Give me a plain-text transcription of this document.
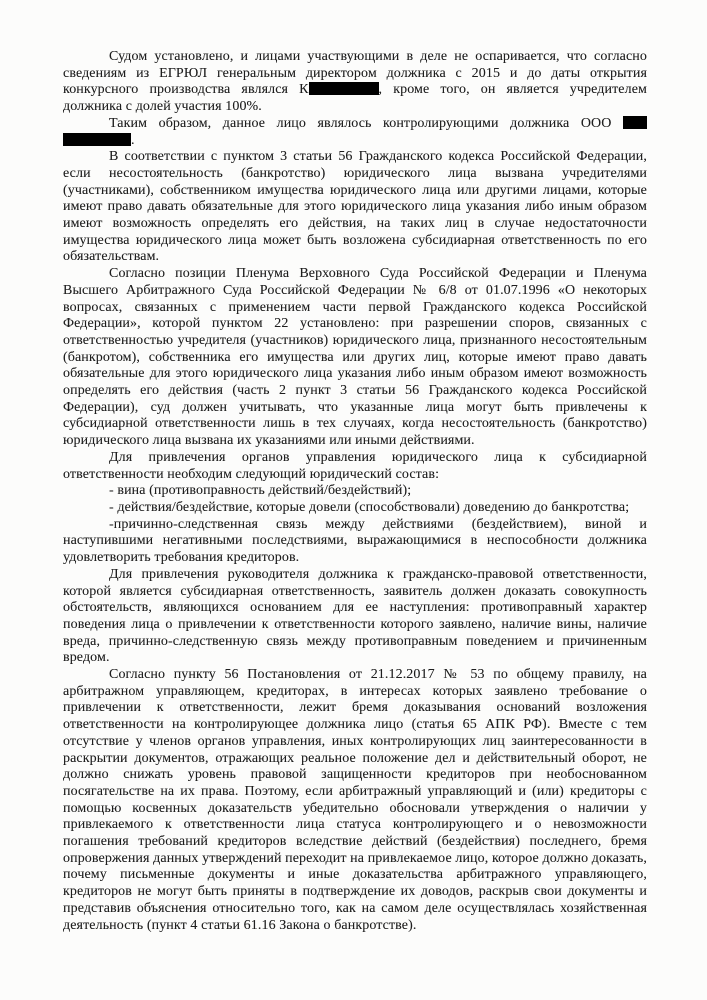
Судом установлено, и лицами участвующими в деле не оспаривается, что согласно сведениям из ЕГРЮЛ генеральным директором должника с 2015 и до даты открытия конкурсного производства являлся К	, кроме того, он является учредителем должника с долей участия 100%.

Таким образом, данное лицо являлось контролирующими должника ООО  .

В соответствии с пунктом 3 статьи 56 Гражданского кодекса Российской Федерации, если несостоятельность (банкротство) юридического лица вызвана учредителями (участниками), собственником имущества юридического лица или другими лицами, которые имеют право давать обязательные для этого юридического лица указания либо иным образом имеют возможность определять его действия, на таких лиц в случае недостаточности имущества юридического лица может быть возложена субсидиарная ответственность по его обязательствам.

Согласно позиции Пленума Верховного Суда Российской Федерации и Пленума Высшего Арбитражного Суда Российской Федерации № 6/8 от 01.07.1996 «О некоторых вопросах, связанных с применением части первой Гражданского кодекса Российской Федерации», которой пунктом 22 установлено: при разрешении споров, связанных с ответственностью учредителя (участников) юридического лица, признанного несостоятельным (банкротом), собственника его имущества или других лиц, которые имеют право давать обязательные для этого юридического лица указания либо иным образом имеют возможность определять его действия (часть 2 пункт 3 статьи 56 Гражданского кодекса Российской Федерации), суд должен учитывать, что указанные лица могут быть привлечены к субсидиарной ответственности лишь в тех случаях, когда несостоятельность (банкротство) юридического лица вызвана их указаниями или иными действиями.

Для привлечения органов управления юридического лица к субсидиарной ответственности необходим следующий юридический состав:

- вина (противоправность действий/бездействий);

- действия/бездействие, которые довели (способствовали) доведению до банкротства;

-причинно-следственная связь между действиями (бездействием), виной и наступившими негативными последствиями, выражающимися в неспособности должника удовлетворить требования кредиторов.

Для привлечения руководителя должника к гражданско-правовой ответственности, которой является субсидиарная ответственность, заявитель должен доказать совокупность обстоятельств, являющихся основанием для ее наступления: противоправный характер поведения лица о привлечении к ответственности которого заявлено, наличие вины, наличие вреда, причинно-следственную связь между противоправным поведением и причиненным вредом.

Согласно пункту 56 Постановления от 21.12.2017 № 53 по общему правилу, на арбитражном управляющем, кредиторах, в интересах которых заявлено требование о привлечении к ответственности, лежит бремя доказывания оснований возложения ответственности на контролирующее должника лицо (статья 65 АПК РФ). Вместе с тем отсутствие у членов органов управления, иных контролирующих лиц заинтересованности в раскрытии документов, отражающих реальное положение дел и действительный оборот, не должно снижать уровень правовой защищенности кредиторов при необоснованном посягательстве на их права. Поэтому, если арбитражный управляющий и (или) кредиторы с помощью косвенных доказательств убедительно обосновали утверждения о наличии у привлекаемого к ответственности лица статуса контролирующего и о невозможности погашения требований кредиторов вследствие действий (бездействия) последнего, бремя опровержения данных утверждений переходит на привлекаемое лицо, которое должно доказать, почему письменные документы и иные доказательства арбитражного управляющего, кредиторов не могут быть приняты в подтверждение их доводов, раскрыв свои документы и представив объяснения относительно того, как на самом деле осуществлялась хозяйственная деятельность (пункт 4 статьи 61.16 Закона о банкротстве).
